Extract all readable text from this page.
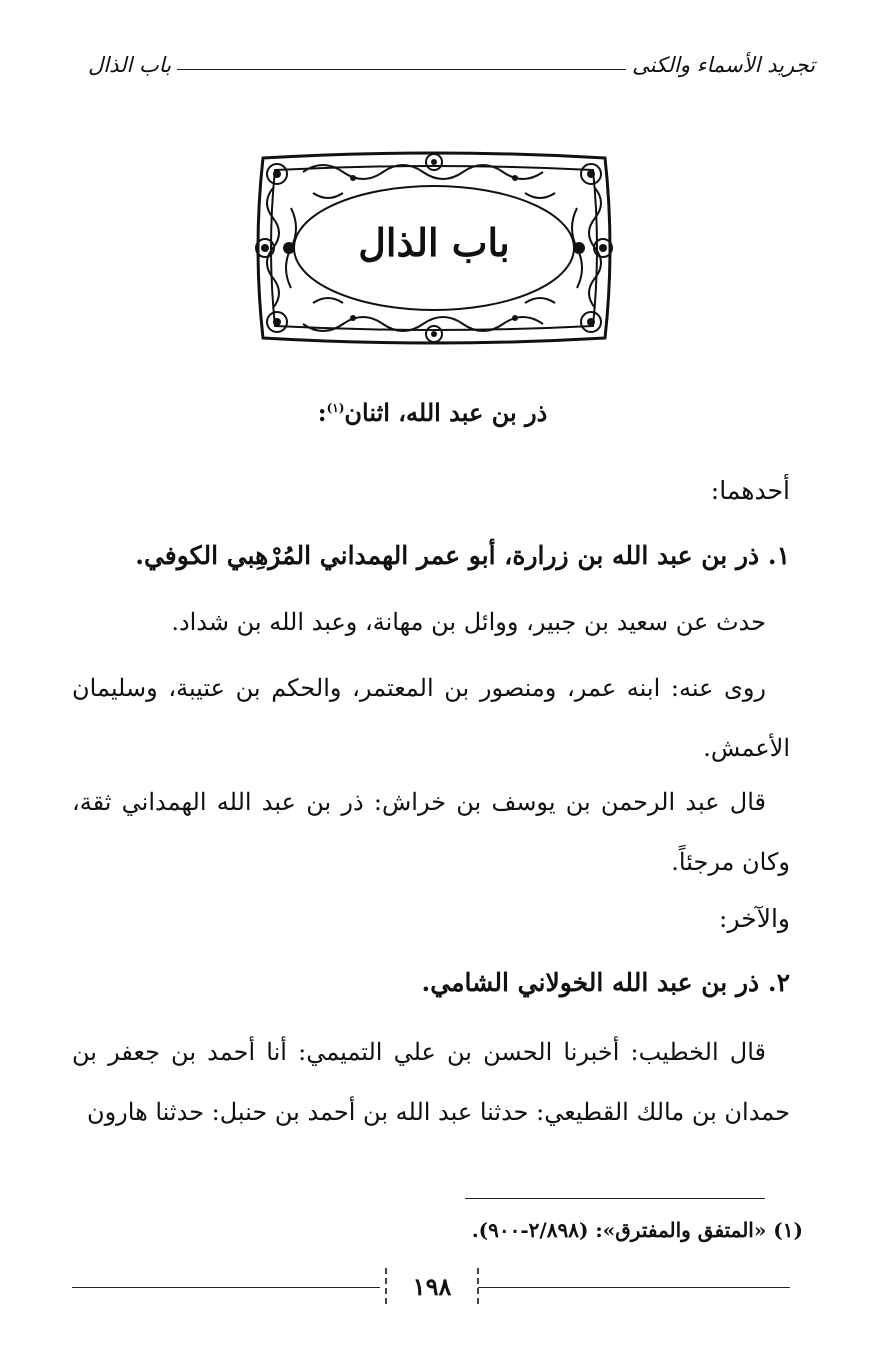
تجريد الأسماء والكنى
باب الذال
باب الذال
ذر بن عبد الله، اثنان$^{(١)}$:
أحدهما:
١. ذر بن عبد الله بن زرارة، أبو عمر الهمداني المُرْهِبي الكوفي.
حدث عن سعيد بن جبير، ووائل بن مهانة، وعبد الله بن شداد.
روى عنه: ابنه عمر، ومنصور بن المعتمر، والحكم بن عتيبة، وسليمان الأعمش.
قال عبد الرحمن بن يوسف بن خراش: ذر بن عبد الله الهمداني ثقة، وكان مرجئاً.
والآخر:
٢. ذر بن عبد الله الخولاني الشامي.
قال الخطيب: أخبرنا الحسن بن علي التميمي: أنا أحمد بن جعفر بن حمدان بن مالك القطيعي: حدثنا عبد الله بن أحمد بن حنبل: حدثنا هارون
(١) «المتفق والمفترق»: (٢/٨٩٨-٩٠٠).
١٩٨
